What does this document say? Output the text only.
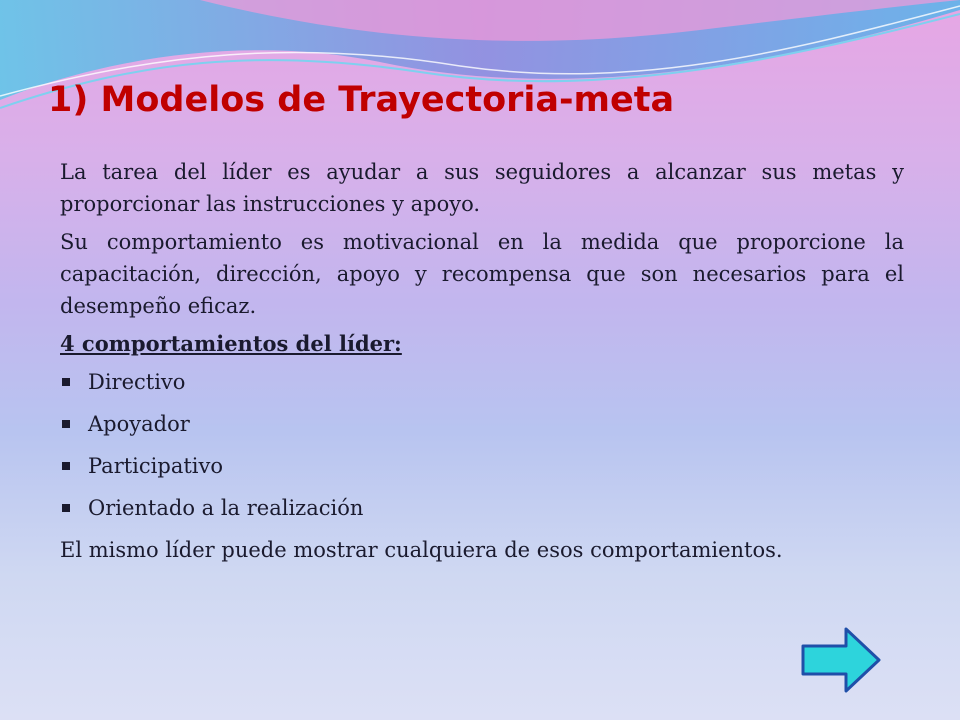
1) Modelos de Trayectoria-meta

La tarea del líder es ayudar a sus seguidores a alcanzar sus metas y proporcionar las instrucciones y apoyo.

Su comportamiento es motivacional en la medida que proporcione la capacitación, dirección, apoyo y recompensa que son necesarios para el desempeño eficaz.

4 comportamientos del líder:

Directivo
Apoyador
Participativo
Orientado a la realización

El mismo líder puede mostrar cualquiera de esos comportamientos.
